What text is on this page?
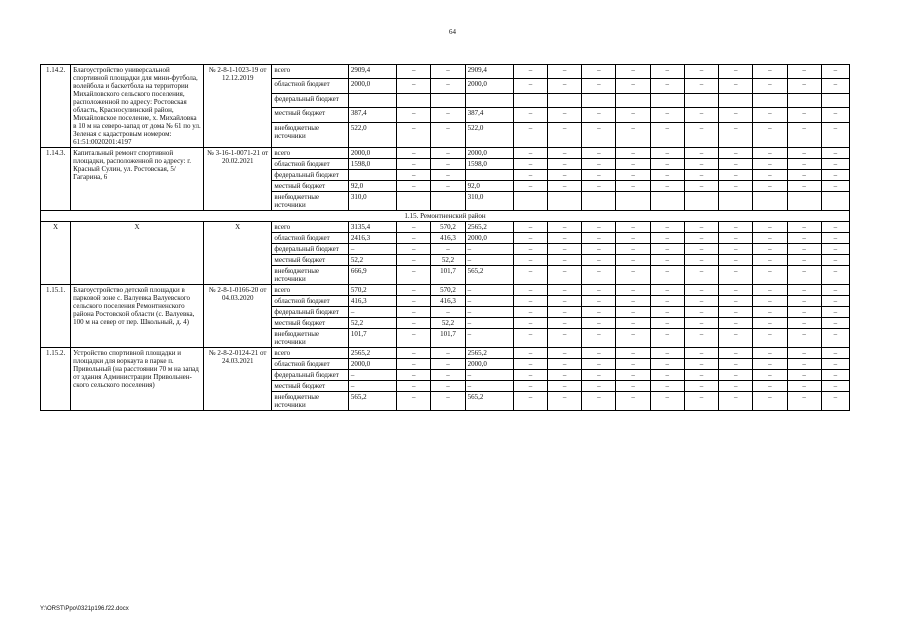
64
1.14.2.	Благоустройство универсальной спортивной площадки для мини-футбола, волейбола и баскетбола на территории Михайловского сельского поселения, расположенной по адресу: Ростовская область, Красносулинский район, Михайловское поселение, х. Михайловка в 10 м на северо-запад от дома № 61 по ул. Зеленая с кадастровым номером: 61:51:0020201:4197	№ 2-8-1-1023-19 от 12.12.2019	всего	2909,4	–	–	2909,4	–	–	–	–	–	–	–	–	–	–
			областной бюджет	2000,0	–	–	2000,0	–	–	–	–	–	–	–	–	–	–
			федеральный бюджет														
			местный бюджет	387,4	–	–	387,4	–	–	–	–	–	–	–	–	–	–
			внебюджетные источники	522,0	–	–	522,0	–	–	–	–	–	–	–	–	–	–
1.14.3.	Капитальный ремонт спортивной площадки, расположенной по адресу: г. Красный Сулин, ул. Ростовская, 5/ Гагарина, 6	№ 3-16-1-0071-21 от 20.02.2021	всего	2000,0	–	–	2000,0	–	–	–	–	–	–	–	–	–	–
			областной бюджет	1598,0	–	–	1598,0	–	–	–	–	–	–	–	–	–	–
			федеральный бюджет		–	–		–	–	–	–	–	–	–	–	–	–
			местный бюджет	92,0	–	–	92,0	–	–	–	–	–	–	–	–	–	–
			внебюджетные источники	310,0			310,0										
1.15. Ремонтненский район																	
X	X	X	всего	3135,4	–	570,2	2565,2	–	–	–	–	–	–	–	–	–	–
			областной бюджет	2416,3	–	416,3	2000,0	–	–	–	–	–	–	–	–	–	–
			федеральный бюджет	–	–	–	–	–	–	–	–	–	–	–	–	–	–
			местный бюджет	52,2	–	52,2	–	–	–	–	–	–	–	–	–	–	–
			внебюджетные источники	666,9	–	101,7	565,2	–	–	–	–	–	–	–	–	–	–
1.15.1.	Благоустройство детской площадки в парковой зоне с. Валуевка Валуевского сельского поселения Ремонтненского района Ростовской области (с. Валуевка, 100 м на север от пер. Школьный, д. 4)	№ 2-8-1-0166-20 от 04.03.2020	всего	570,2	–	570,2	–	–	–	–	–	–	–	–	–	–	–
			областной бюджет	416,3	–	416,3	–	–	–	–	–	–	–	–	–	–	–
			федеральный бюджет	–	–	–	–	–	–	–	–	–	–	–	–	–	–
			местный бюджет	52,2	–	52,2	–	–	–	–	–	–	–	–	–	–	–
			внебюджетные источники	101,7	–	101,7	–	–	–	–	–	–	–	–	–	–	–
1.15.2.	Устройство спортивной площадки и площадки для воркаута в парке п. Привольный (на расстоянии 70 м на запад от здания Администрации Привольнен-ского сельского поселения)	№ 2-8-2-0124-21 от 24.03.2021	всего	2565,2	–	–	2565,2	–	–	–	–	–	–	–	–	–	–
			областной бюджет	2000,0	–	–	2000,0	–	–	–	–	–	–	–	–	–	–
			федеральный бюджет	–	–	–	–	–	–	–	–	–	–	–	–	–	–
			местный бюджет	–	–	–	–	–	–	–	–	–	–	–	–	–	–
			внебюджетные источники	565,2	–	–	565,2	–	–	–	–	–	–	–	–	–	–
Y:\ORST\Ppo\0321p196.f22.docx
